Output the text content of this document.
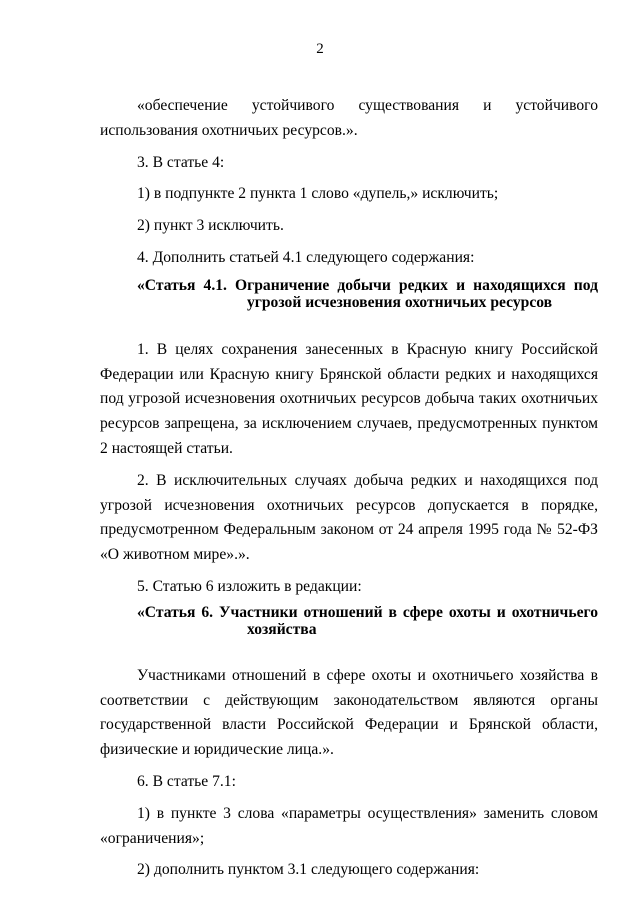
2

«обеспечение устойчивого существования и устойчивого использования охотничьих ресурсов.».

3. В статье 4:

1) в подпункте 2 пункта 1 слово «дупель,» исключить;

2) пункт 3 исключить.

4. Дополнить статьей 4.1 следующего содержания:

«Статья 4.1. Ограничение добычи редких и находящихся под угрозой исчезновения охотничьих ресурсов

1. В целях сохранения занесенных в Красную книгу Российской Федерации или Красную книгу Брянской области редких и находящихся под угрозой исчезновения охотничьих ресурсов добыча таких охотничьих ресурсов запрещена, за исключением случаев, предусмотренных пунктом 2 настоящей статьи.

2. В исключительных случаях добыча редких и находящихся под угрозой исчезновения охотничьих ресурсов допускается в порядке, предусмотренном Федеральным законом от 24 апреля 1995 года № 52-ФЗ «О животном мире».».

5. Статью 6 изложить в редакции:

«Статья 6. Участники отношений в сфере охоты и охотничьего хозяйства

Участниками отношений в сфере охоты и охотничьего хозяйства в соответствии с действующим законодательством являются органы государственной власти Российской Федерации и Брянской области, физические и юридические лица.».

6. В статье 7.1:

1) в пункте 3 слова «параметры осуществления» заменить словом «ограничения»;

2) дополнить пунктом 3.1 следующего содержания:
